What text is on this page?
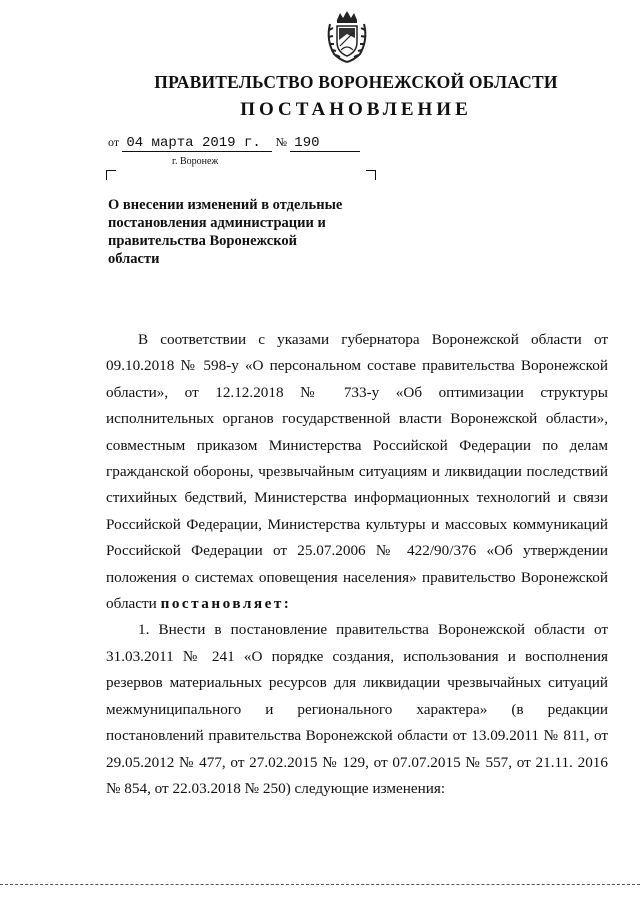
ПРАВИТЕЛЬСТВО ВОРОНЕЖСКОЙ ОБЛАСТИ
ПОСТАНОВЛЕНИЕ
от 04 марта 2019 г. № 190
г. Воронеж
О внесении изменений в отдельные
постановления администрации и
правительства Воронежской
области

В соответствии с указами губернатора Воронежской области от 09.10.2018 № 598-у «О персональном составе правительства Воронежской области», от 12.12.2018 № 733-у «Об оптимизации структуры исполнительных органов государственной власти Воронежской области», совместным приказом Министерства Российской Федерации по делам гражданской обороны, чрезвычайным ситуациям и ликвидации последствий стихийных бедствий, Министерства информационных технологий и связи Российской Федерации, Министерства культуры и массовых коммуникаций Российской Федерации от 25.07.2006 № 422/90/376 «Об утверждении положения о системах оповещения населения» правительство Воронежской области постановляет:

1. Внести в постановление правительства Воронежской области от 31.03.2011 № 241 «О порядке создания, использования и восполнения резервов материальных ресурсов для ликвидации чрезвычайных ситуаций межмуниципального и регионального характера» (в редакции постановлений правительства Воронежской области от 13.09.2011 № 811, от 29.05.2012 № 477, от 27.02.2015 № 129, от 07.07.2015 № 557, от 21.11. 2016 № 854, от 22.03.2018 № 250) следующие изменения:
